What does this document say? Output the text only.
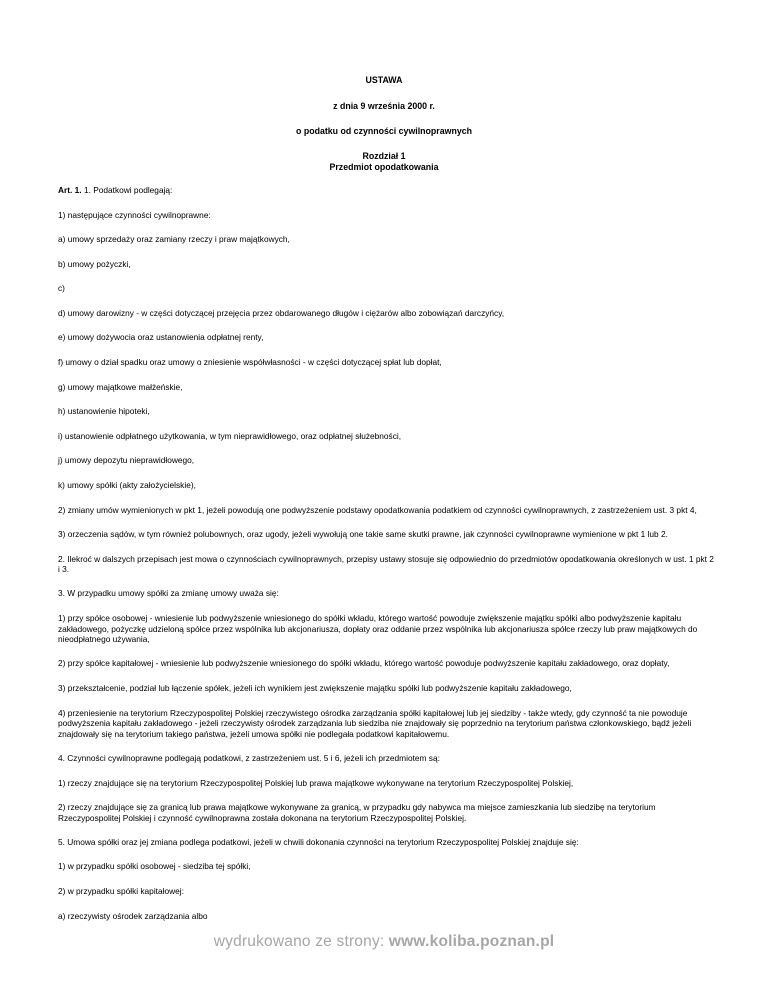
USTAWA
z dnia 9 września 2000 r.
o podatku od czynności cywilnoprawnych
Rozdział 1
Przedmiot opodatkowania

Art. 1. 1. Podatkowi podlegają:

1) następujące czynności cywilnoprawne:

a) umowy sprzedaży oraz zamiany rzeczy i praw majątkowych,

b) umowy pożyczki,

c)

d) umowy darowizny - w części dotyczącej przejęcia przez obdarowanego długów i ciężarów albo zobowiązań darczyńcy,

e) umowy dożywocia oraz ustanowienia odpłatnej renty,

f) umowy o dział spadku oraz umowy o zniesienie współwłasności - w części dotyczącej spłat lub dopłat,

g) umowy majątkowe małżeńskie,

h) ustanowienie hipoteki,

i) ustanowienie odpłatnego użytkowania, w tym nieprawidłowego, oraz odpłatnej służebności,

j) umowy depozytu nieprawidłowego,

k) umowy spółki (akty założycielskie),

2) zmiany umów wymienionych w pkt 1, jeżeli powodują one podwyższenie podstawy opodatkowania podatkiem od czynności cywilnoprawnych, z zastrzeżeniem ust. 3 pkt 4,

3) orzeczenia sądów, w tym również polubownych, oraz ugody, jeżeli wywołują one takie same skutki prawne, jak czynności cywilnoprawne wymienione w pkt 1 lub 2.

2. Ilekroć w dalszych przepisach jest mowa o czynnościach cywilnoprawnych, przepisy ustawy stosuje się odpowiednio do przedmiotów opodatkowania określonych w ust. 1 pkt 2 i 3.

3. W przypadku umowy spółki za zmianę umowy uważa się:

1) przy spółce osobowej - wniesienie lub podwyższenie wniesionego do spółki wkładu, którego wartość powoduje zwiększenie majątku spółki albo podwyższenie kapitału zakładowego, pożyczkę udzieloną spółce przez wspólnika lub akcjonariusza, dopłaty oraz oddanie przez wspólnika lub akcjonariusza spółce rzeczy lub praw majątkowych do nieodpłatnego używania,

2) przy spółce kapitałowej - wniesienie lub podwyższenie wniesionego do spółki wkładu, którego wartość powoduje podwyższenie kapitału zakładowego, oraz dopłaty,

3) przekształcenie, podział lub łączenie spółek, jeżeli ich wynikiem jest zwiększenie majątku spółki lub podwyższenie kapitału zakładowego,

4) przeniesienie na terytorium Rzeczypospolitej Polskiej rzeczywistego ośrodka zarządzania spółki kapitałowej lub jej siedziby - także wtedy, gdy czynność ta nie powoduje podwyższenia kapitału zakładowego - jeżeli rzeczywisty ośrodek zarządzania lub siedziba nie znajdowały się poprzednio na terytorium państwa członkowskiego, bądź jeżeli znajdowały się na terytorium takiego państwa, jeżeli umowa spółki nie podlegała podatkowi kapitałowemu.

4. Czynności cywilnoprawne podlegają podatkowi, z zastrzeżeniem ust. 5 i 6, jeżeli ich przedmiotem są:

1) rzeczy znajdujące się na terytorium Rzeczypospolitej Polskiej lub prawa majątkowe wykonywane na terytorium Rzeczypospolitej Polskiej,

2) rzeczy znajdujące się za granicą lub prawa majątkowe wykonywane za granicą, w przypadku gdy nabywca ma miejsce zamieszkania lub siedzibę na terytorium Rzeczypospolitej Polskiej i czynność cywilnoprawna została dokonana na terytorium Rzeczypospolitej Polskiej.

5. Umowa spółki oraz jej zmiana podlega podatkowi, jeżeli w chwili dokonania czynności na terytorium Rzeczypospolitej Polskiej znajduje się:

1) w przypadku spółki osobowej - siedziba tej spółki,

2) w przypadku spółki kapitałowej:

a) rzeczywisty ośrodek zarządzania albo

wydrukowano ze strony: www.koliba.poznan.pl
